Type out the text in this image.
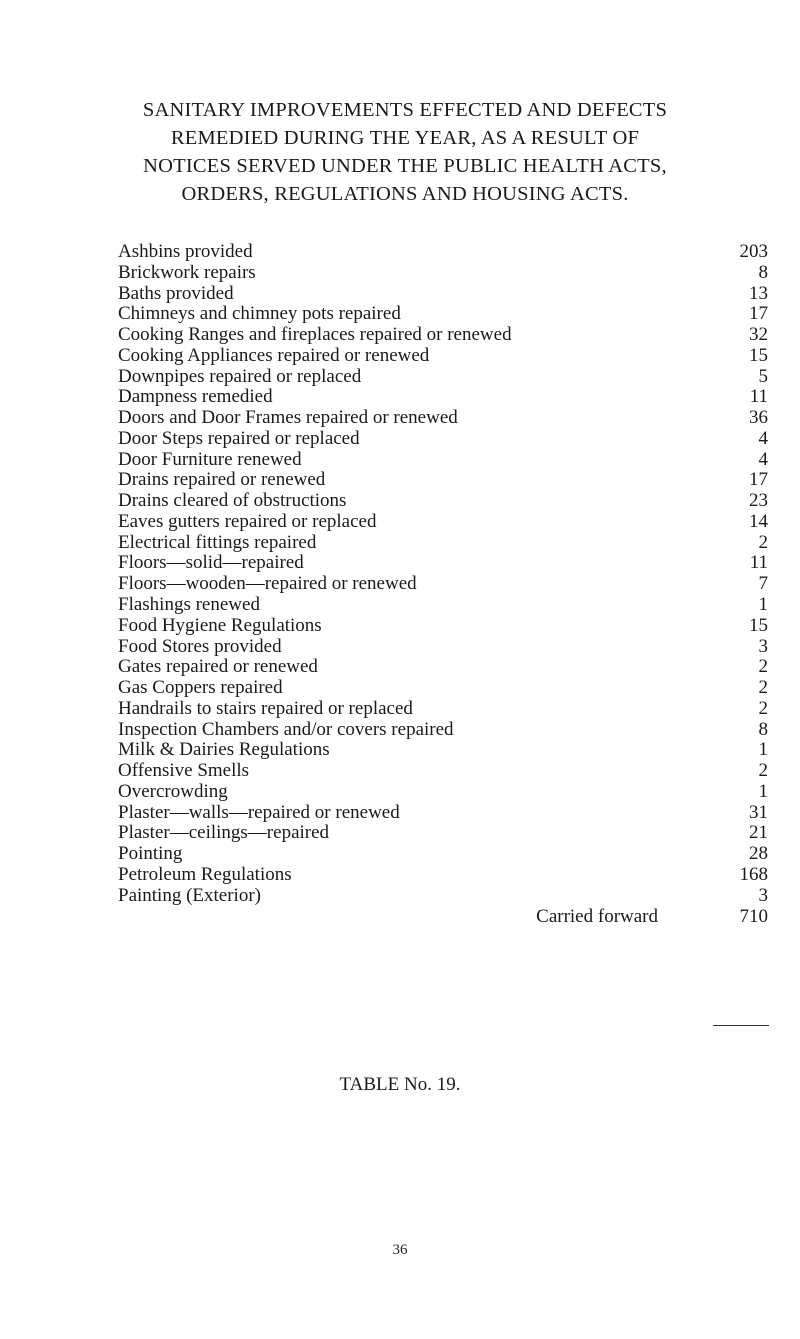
SANITARY IMPROVEMENTS EFFECTED AND DEFECTS
REMEDIED DURING THE YEAR, AS A RESULT OF
NOTICES SERVED UNDER THE PUBLIC HEALTH ACTS,
ORDERS, REGULATIONS AND HOUSING ACTS.
Ashbins provided	203
Brickwork repairs	8
Baths provided	13
Chimneys and chimney pots repaired	17
Cooking Ranges and fireplaces repaired or renewed	32
Cooking Appliances repaired or renewed	15
Downpipes repaired or replaced	5
Dampness remedied	11
Doors and Door Frames repaired or renewed	36
Door Steps repaired or replaced	4
Door Furniture renewed	4
Drains repaired or renewed	17
Drains cleared of obstructions	23
Eaves gutters repaired or replaced	14
Electrical fittings repaired	2
Floors—solid—repaired	11
Floors—wooden—repaired or renewed	7
Flashings renewed	1
Food Hygiene Regulations	15
Food Stores provided	3
Gates repaired or renewed	2
Gas Coppers repaired	2
Handrails to stairs repaired or replaced	2
Inspection Chambers and/or covers repaired	8
Milk & Dairies Regulations	1
Offensive Smells	2
Overcrowding	1
Plaster—walls—repaired or renewed	31
Plaster—ceilings—repaired	21
Pointing	28
Petroleum Regulations	168
Painting (Exterior)	3
Carried forward	710
TABLE No. 19.
36
